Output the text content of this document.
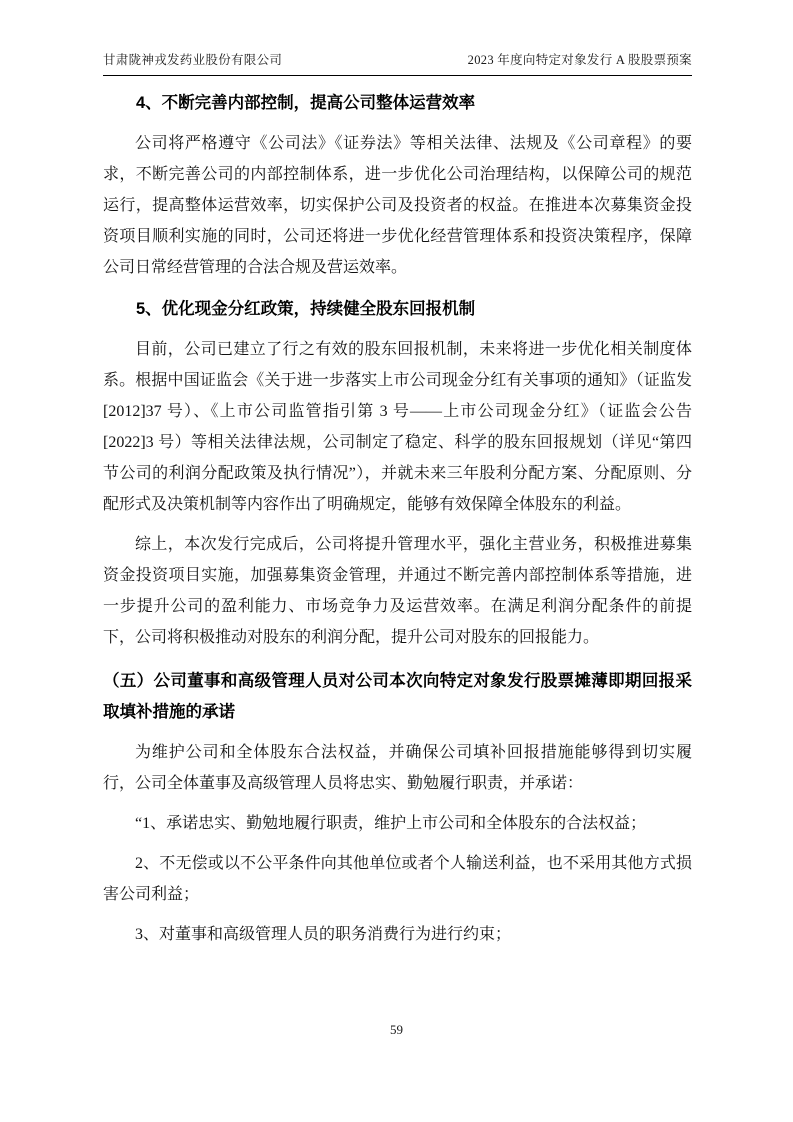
甘肃陇神戎发药业股份有限公司	2023 年度向特定对象发行 A 股股票预案
4、不断完善内部控制，提高公司整体运营效率

公司将严格遵守《公司法》《证券法》等相关法律、法规及《公司章程》的要求，不断完善公司的内部控制体系，进一步优化公司治理结构，以保障公司的规范运行，提高整体运营效率，切实保护公司及投资者的权益。在推进本次募集资金投资项目顺利实施的同时，公司还将进一步优化经营管理体系和投资决策程序，保障公司日常经营管理的合法合规及营运效率。

5、优化现金分红政策，持续健全股东回报机制

目前，公司已建立了行之有效的股东回报机制，未来将进一步优化相关制度体系。根据中国证监会《关于进一步落实上市公司现金分红有关事项的通知》（证监发[2012]37 号）、《上市公司监管指引第 3 号——上市公司现金分红》（证监会公告[2022]3 号）等相关法律法规，公司制定了稳定、科学的股东回报规划（详见“第四节公司的利润分配政策及执行情况”），并就未来三年股利分配方案、分配原则、分配形式及决策机制等内容作出了明确规定，能够有效保障全体股东的利益。

综上，本次发行完成后，公司将提升管理水平，强化主营业务，积极推进募集资金投资项目实施，加强募集资金管理，并通过不断完善内部控制体系等措施，进一步提升公司的盈利能力、市场竞争力及运营效率。在满足利润分配条件的前提下，公司将积极推动对股东的利润分配，提升公司对股东的回报能力。

（五）公司董事和高级管理人员对公司本次向特定对象发行股票摊薄即期回报采取填补措施的承诺

为维护公司和全体股东合法权益，并确保公司填补回报措施能够得到切实履行，公司全体董事及高级管理人员将忠实、勤勉履行职责，并承诺：

“1、承诺忠实、勤勉地履行职责，维护上市公司和全体股东的合法权益；

2、不无偿或以不公平条件向其他单位或者个人输送利益，也不采用其他方式损害公司利益；

3、对董事和高级管理人员的职务消费行为进行约束；

59
